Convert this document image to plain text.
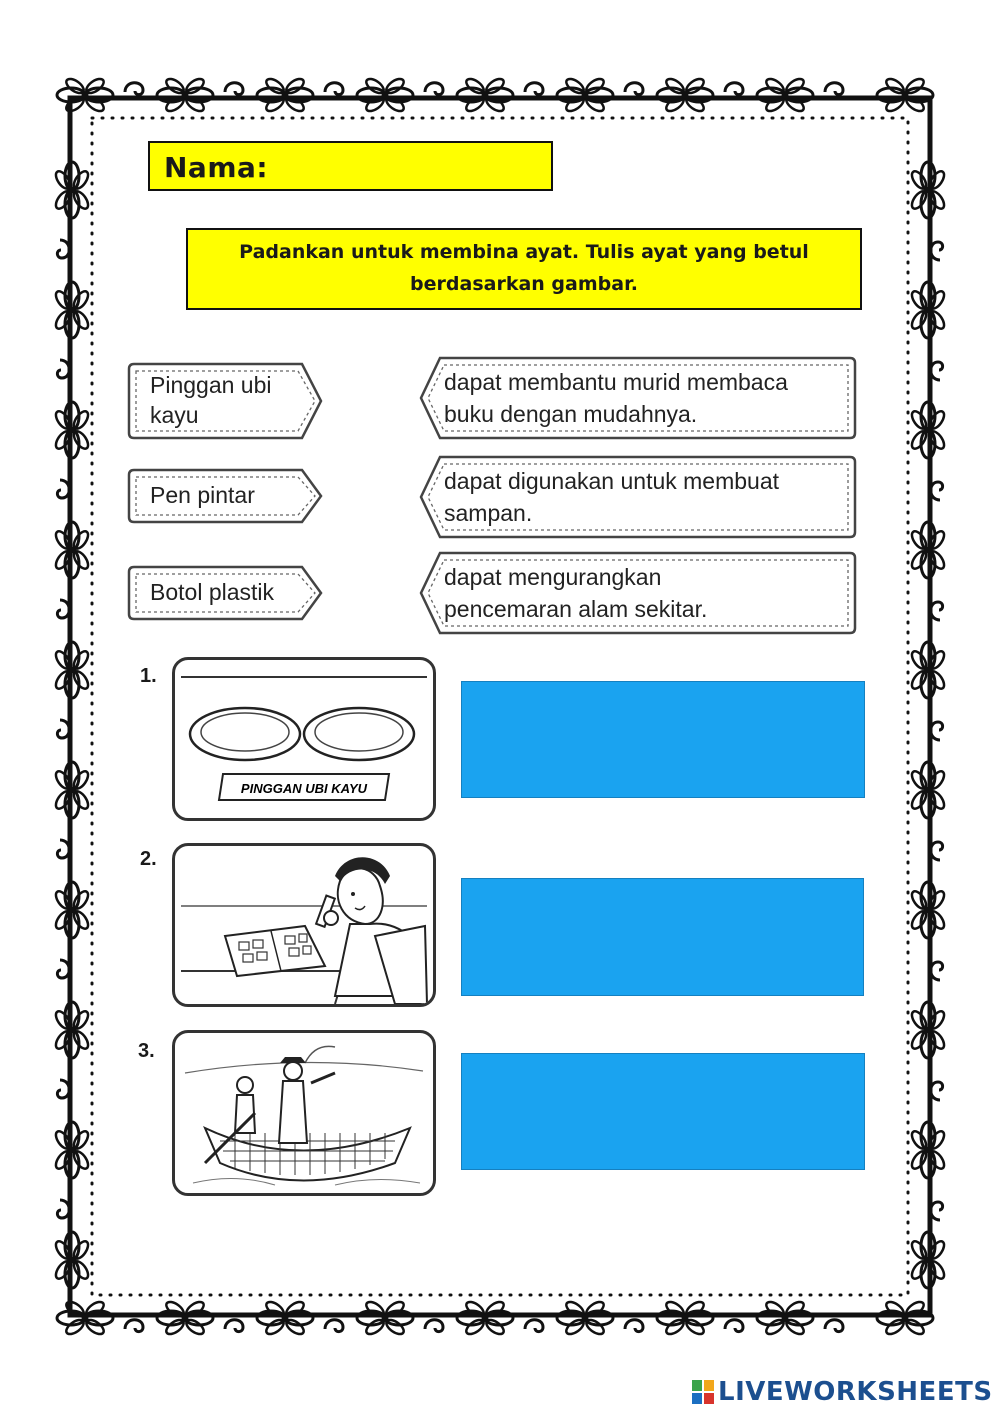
Nama:
Padankan untuk membina ayat. Tulis ayat yang betul
berdasarkan gambar.
Pinggan ubi
kayu
Pen pintar
Botol plastik
dapat membantu murid membaca
buku dengan mudahnya.
dapat digunakan untuk membuat
sampan.
dapat mengurangkan
pencemaran alam sekitar.
1.
2.
3.
PINGGAN UBI KAYU
LIVEWORKSHEETS
